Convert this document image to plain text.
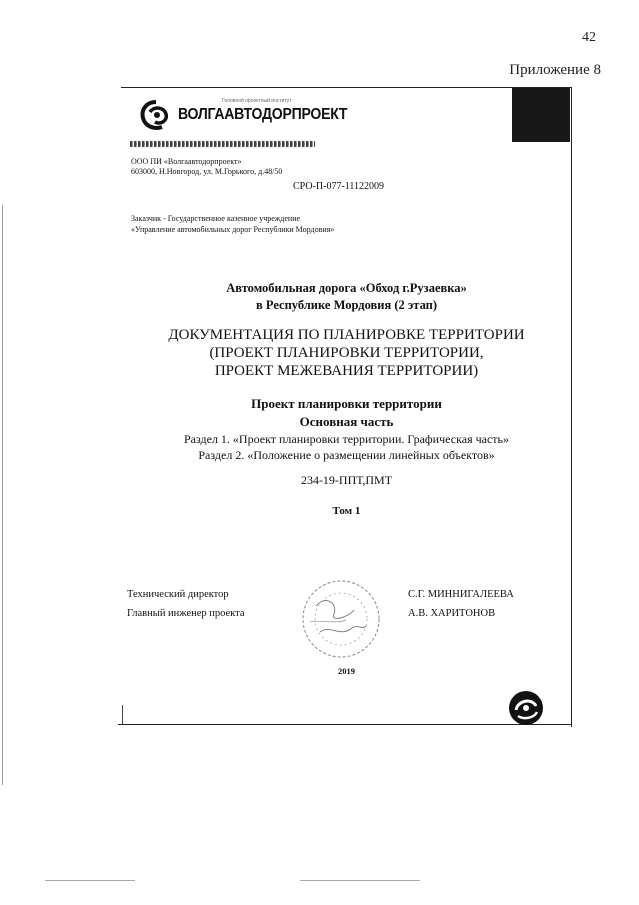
42
Приложение 8
Головной проектный институт
ВОЛГААВТОДОРПРОЕКТ
ООО ПИ «Волгаавтодорпроект»
603000, Н.Новгород, ул. М.Горького, д.48/50
СРО-П-077-11122009
Заказчик - Государственное казенное учреждение
«Управление автомобильных дорог Республики Мордовия»
Автомобильная дорога «Обход г.Рузаевка»
в Республике Мордовия (2 этап)
ДОКУМЕНТАЦИЯ ПО ПЛАНИРОВКЕ ТЕРРИТОРИИ
(ПРОЕКТ ПЛАНИРОВКИ ТЕРРИТОРИИ,
ПРОЕКТ МЕЖЕВАНИЯ ТЕРРИТОРИИ)
Проект планировки территории
Основная часть
Раздел 1. «Проект планировки территории. Графическая часть»
Раздел 2. «Положение о размещении линейных объектов»
234-19-ППТ,ПМТ
Том 1
Технический директор	С.Г. МИННИГАЛЕЕВА
Главный инженер проекта	А.В. ХАРИТОНОВ
2019
